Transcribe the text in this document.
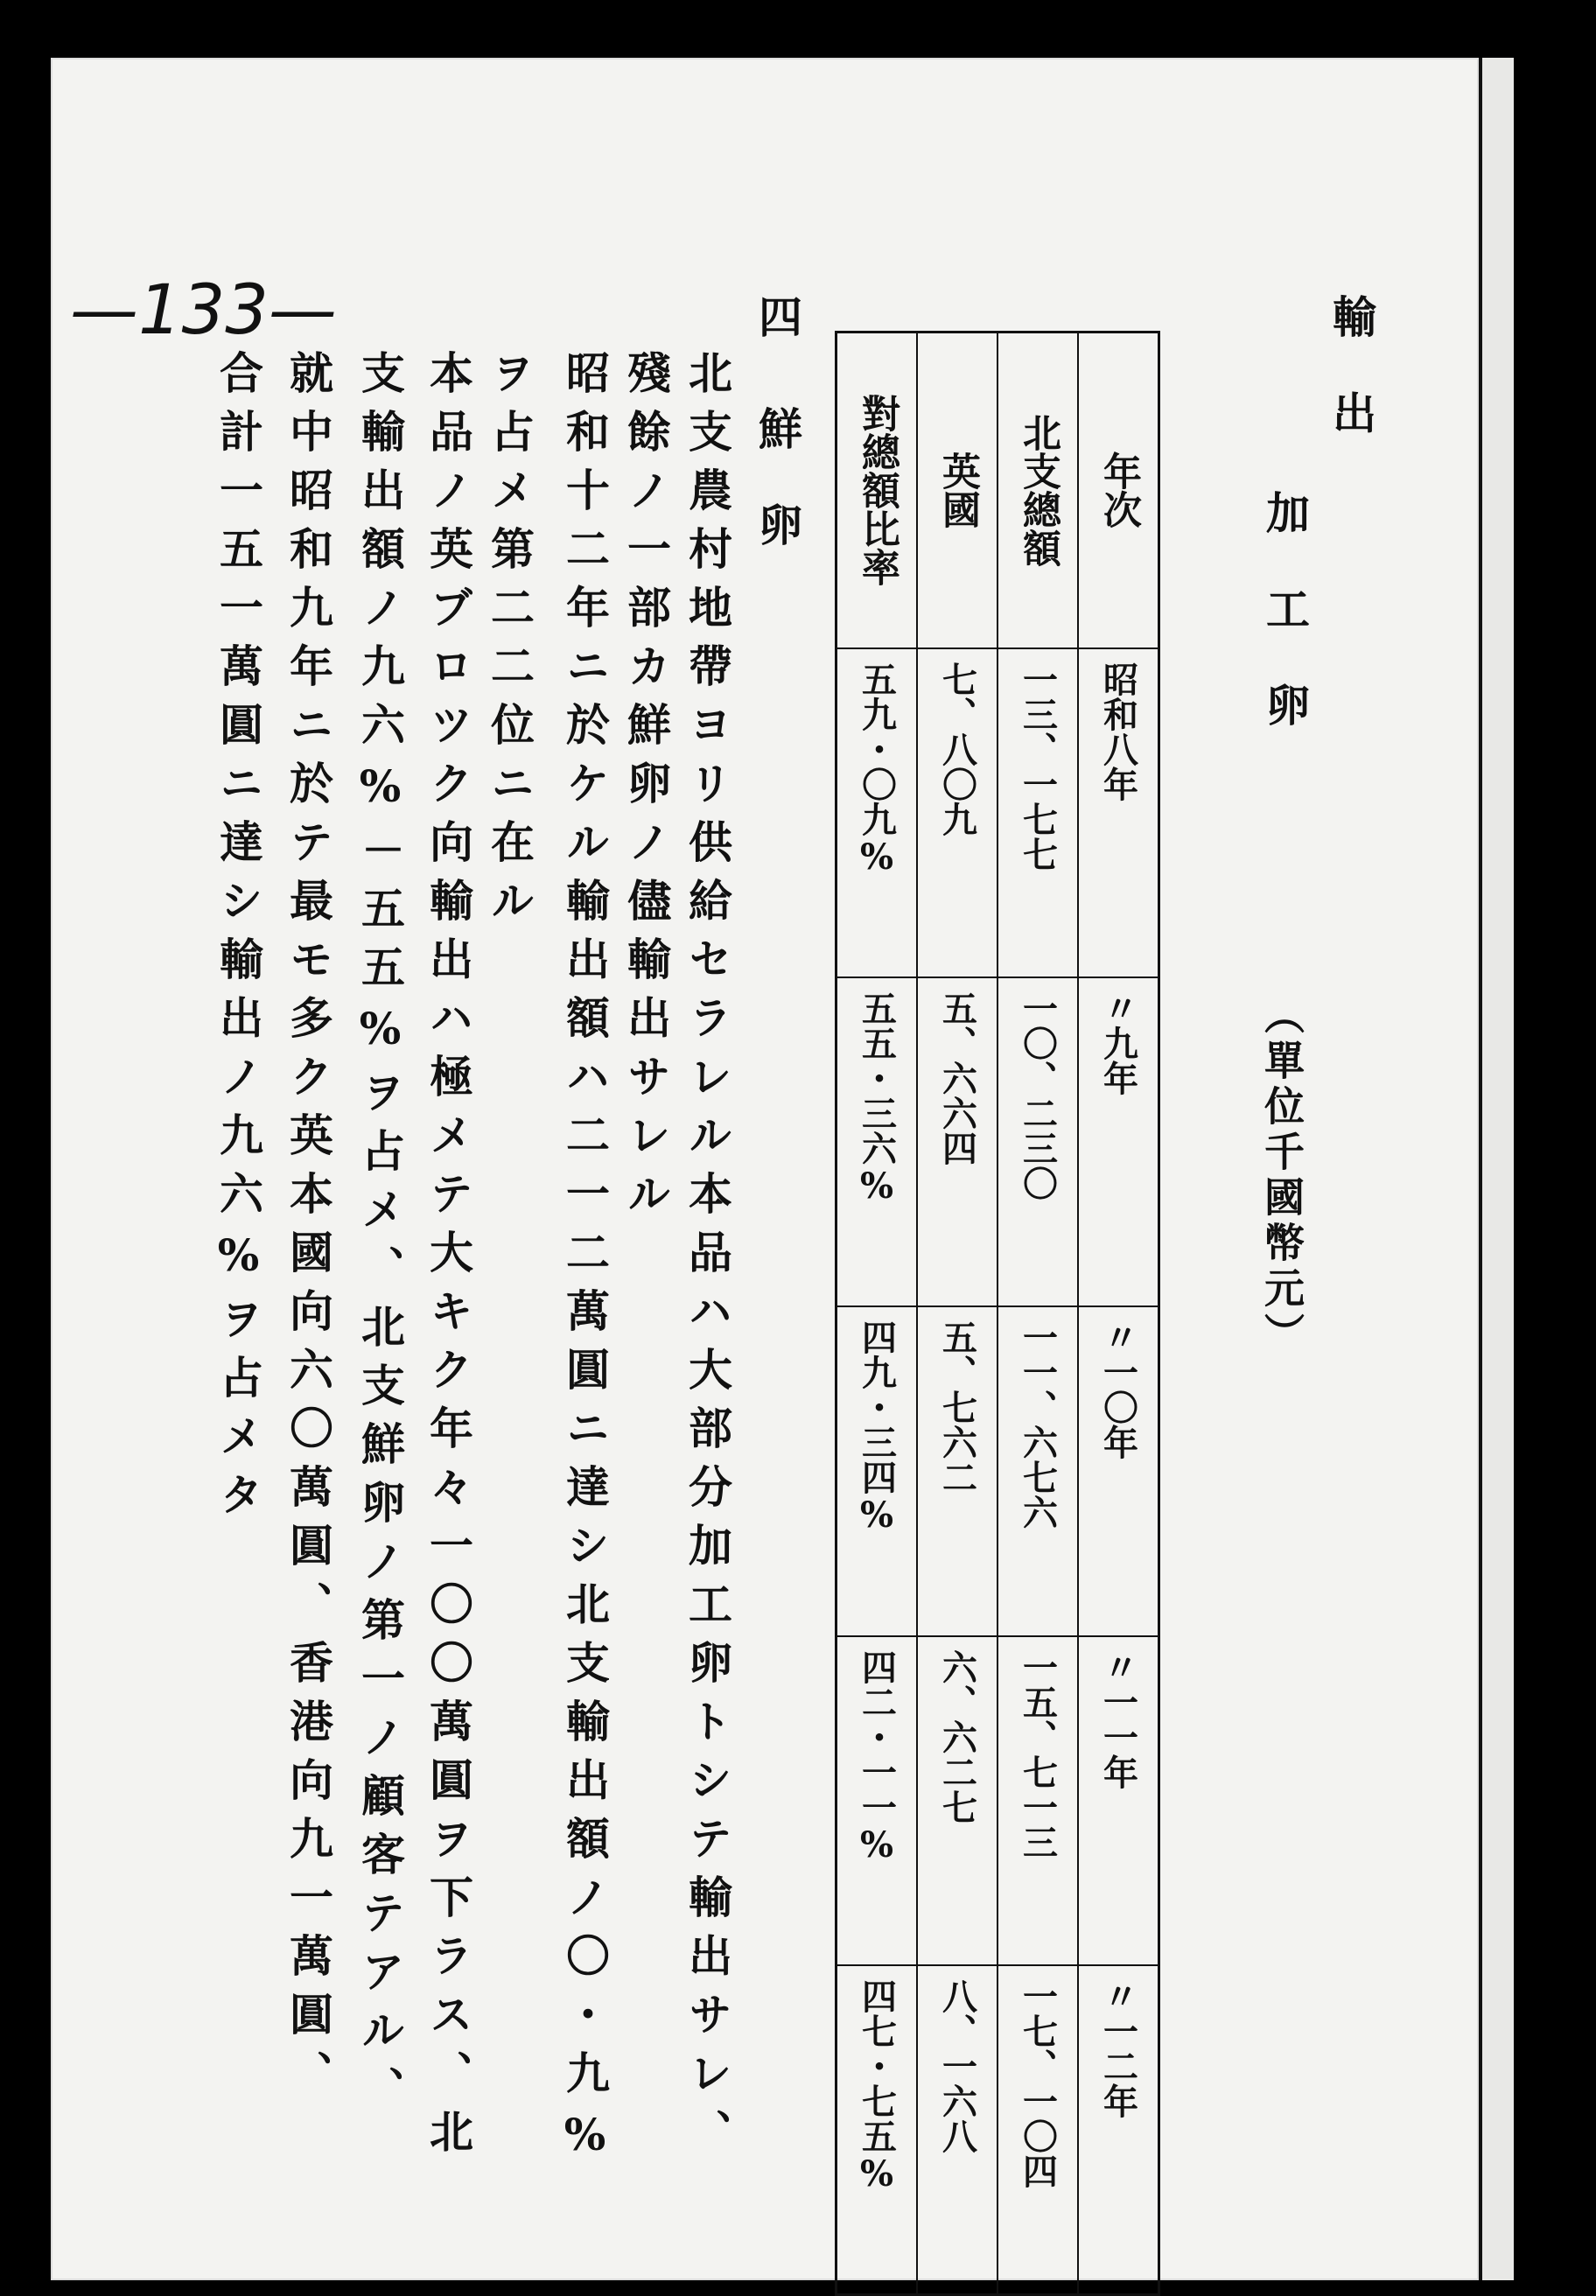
輸出
加工卵
（單位千國幣元）
年次	昭和八年	〃九年	〃一〇年	〃一一年	〃一二年
北支總額	一三、一七七	一〇、二三〇	一一、六七六	一五、七一三	一七、一〇四
英國	七、八〇九	五、六六四	五、七六二	六、六二七	八、一六八
對總額比率	五九・〇九%	五五・三六%	四九・三四%	四二・一一%	四七・七五%
四
鮮卵
北支農村地帶ヨリ供給セラレル本品ハ大部分加工卵トシテ輸出サレ、
殘餘ノ一部カ鮮卵ノ儘輸出サレル
昭和十二年ニ於ケル輸出額ハ二一二萬圓ニ達シ北支輸出額ノ〇・九%
ヲ占メ第二二位ニ在ル
本品ノ英ブロツク向輸出ハ極メテ大キク年々一〇〇萬圓ヲ下ラス、北
支輸出額ノ九六%－五五%ヲ占メ、北支鮮卵ノ第一ノ顧客テアル、
就中昭和九年ニ於テ最モ多ク英本國向六〇萬圓、香港向九一萬圓、
合計一五一萬圓ニ達シ輸出ノ九六%ヲ占メタ
—133—
